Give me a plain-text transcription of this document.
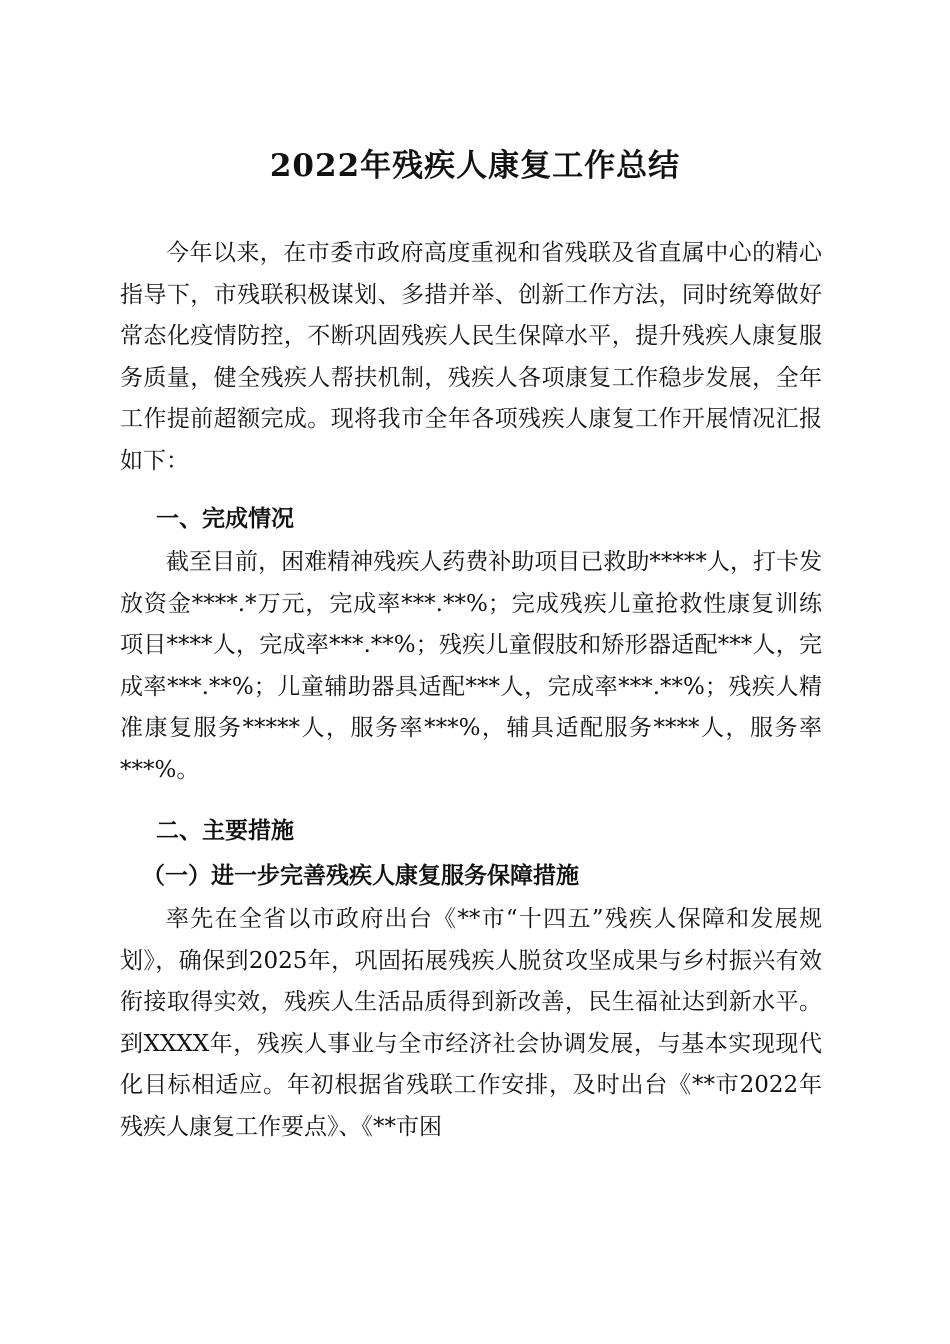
2022年残疾人康复工作总结

今年以来，在市委市政府高度重视和省残联及省直属中心的精心指导下，市残联积极谋划、多措并举、创新工作方法，同时统筹做好常态化疫情防控，不断巩固残疾人民生保障水平，提升残疾人康复服务质量，健全残疾人帮扶机制，残疾人各项康复工作稳步发展，全年工作提前超额完成。现将我市全年各项残疾人康复工作开展情况汇报如下：

一、完成情况

截至目前，困难精神残疾人药费补助项目已救助*****人，打卡发放资金****.*万元，完成率***.**%；完成残疾儿童抢救性康复训练项目****人，完成率***.**%；残疾儿童假肢和矫形器适配***人，完成率***.**%；儿童辅助器具适配***人，完成率***.**%；残疾人精准康复服务*****人，服务率***%，辅具适配服务****人，服务率***%。

二、主要措施
（一）进一步完善残疾人康复服务保障措施

率先在全省以市政府出台《**市“十四五”残疾人保障和发展规划》，确保到2025年，巩固拓展残疾人脱贫攻坚成果与乡村振兴有效衔接取得实效，残疾人生活品质得到新改善，民生福祉达到新水平。到XXXX年，残疾人事业与全市经济社会协调发展，与基本实现现代化目标相适应。年初根据省残联工作安排，及时出台《**市2022年残疾人康复工作要点》、《**市困
